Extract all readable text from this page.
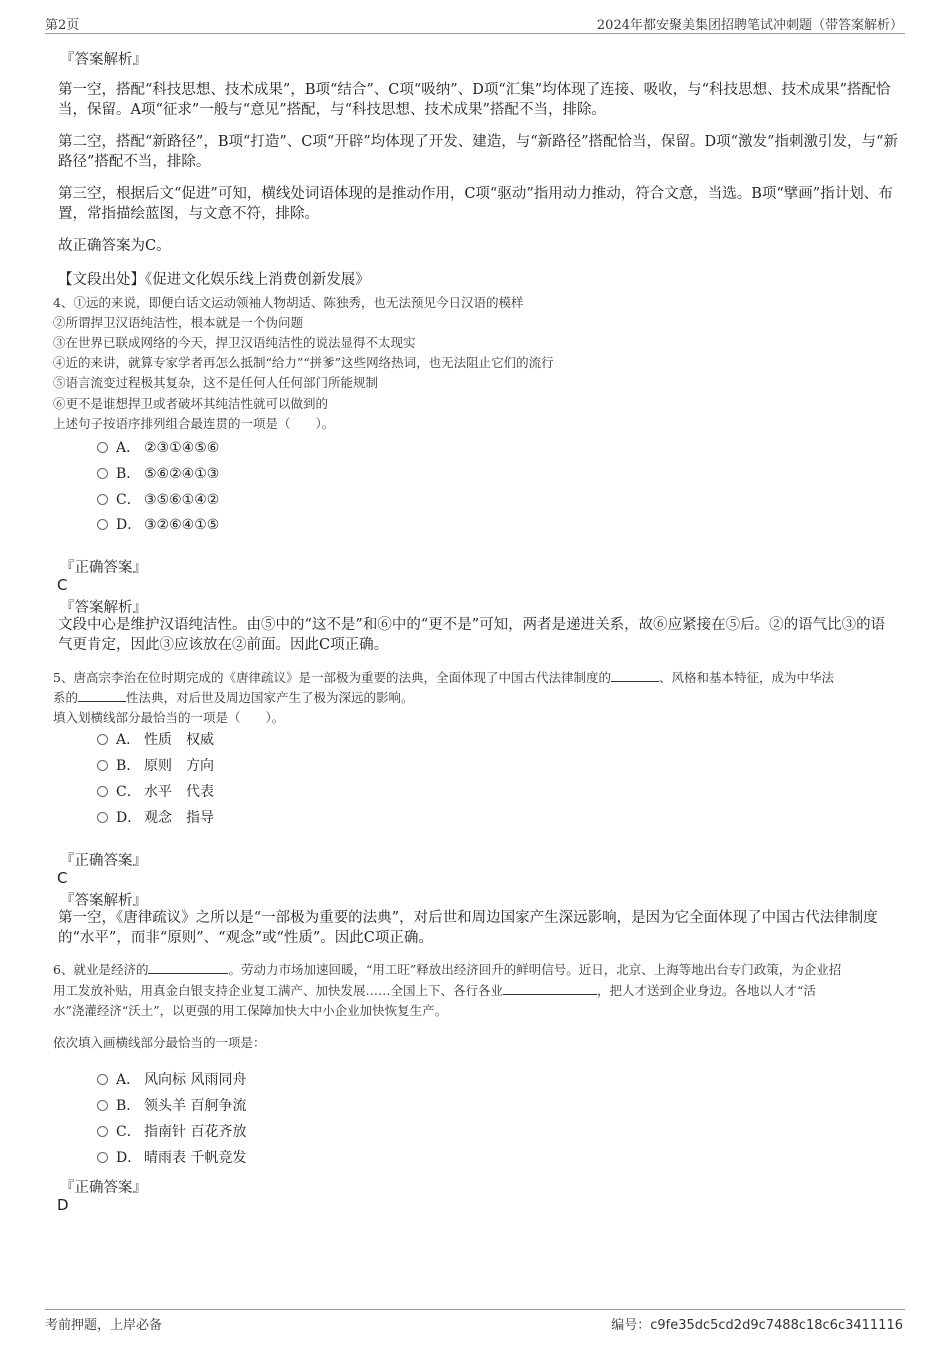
第2页	2024年都安聚美集团招聘笔试冲刺题（带答案解析）
『答案解析』
第一空，搭配“科技思想、技术成果”，B项“结合”、C项“吸纳”、D项“汇集”均体现了连接、吸收，与“科技思想、技术成果”搭配恰当，保留。A项“征求”一般与“意见”搭配，与“科技思想、技术成果”搭配不当，排除。
第二空，搭配“新路径”，B项“打造”、C项“开辟”均体现了开发、建造，与“新路径”搭配恰当，保留。D项“激发”指刺激引发，与“新路径”搭配不当，排除。
第三空，根据后文“促进”可知，横线处词语体现的是推动作用，C项“驱动”指用动力推动，符合文意，当选。B项“擘画”指计划、布置，常指描绘蓝图，与文意不符，排除。
故正确答案为C。
【文段出处】《促进文化娱乐线上消费创新发展》
4、①远的来说，即便白话文运动领袖人物胡适、陈独秀，也无法预见今日汉语的模样
②所谓捍卫汉语纯洁性，根本就是一个伪问题
③在世界已联成网络的今天，捍卫汉语纯洁性的说法显得不太现实
④近的来讲，就算专家学者再怎么抵制“给力”“拼爹”这些网络热词，也无法阻止它们的流行
⑤语言流变过程极其复杂，这不是任何人任何部门所能规制
⑥更不是谁想捍卫或者破坏其纯洁性就可以做到的
上述句子按语序排列组合最连贯的一项是（　　）。
A． ②③①④⑤⑥
B． ⑤⑥②④①③
C． ③⑤⑥①④②
D． ③②⑥④①⑤
『正确答案』
C
『答案解析』
文段中心是维护汉语纯洁性。由⑤中的“这不是”和⑥中的“更不是”可知，两者是递进关系，故⑥应紧接在⑤后。②的语气比③的语气更肯定，因此③应该放在②前面。因此C项正确。
5、唐高宗李治在位时期完成的《唐律疏议》是一部极为重要的法典，全面体现了中国古代法律制度的	、风格和基本特征，成为中华法
系的	性法典，对后世及周边国家产生了极为深远的影响。
填入划横线部分最恰当的一项是（　　）。
A． 性质　权威
B． 原则　方向
C． 水平　代表
D． 观念　指导
『正确答案』
C
『答案解析』
第一空，《唐律疏议》之所以是“一部极为重要的法典”，对后世和周边国家产生深远影响，是因为它全面体现了中国古代法律制度的“水平”，而非“原则”、“观念”或“性质”。因此C项正确。
6、就业是经济的	。劳动力市场加速回暖，“用工旺”释放出经济回升的鲜明信号。近日，北京、上海等地出台专门政策，为企业招
用工发放补贴，用真金白银支持企业复工满产、加快发展……全国上下、各行各业	，把人才送到企业身边。各地以人才“活
水”浇灌经济“沃土”，以更强的用工保障加快大中小企业加快恢复生产。
依次填入画横线部分最恰当的一项是：
A． 风向标 风雨同舟
B． 领头羊 百舸争流
C． 指南针 百花齐放
D． 晴雨表 千帆竞发
『正确答案』
D
考前押题，上岸必备	编号：c9fe35dc5cd2d9c7488c18c6c3411116
